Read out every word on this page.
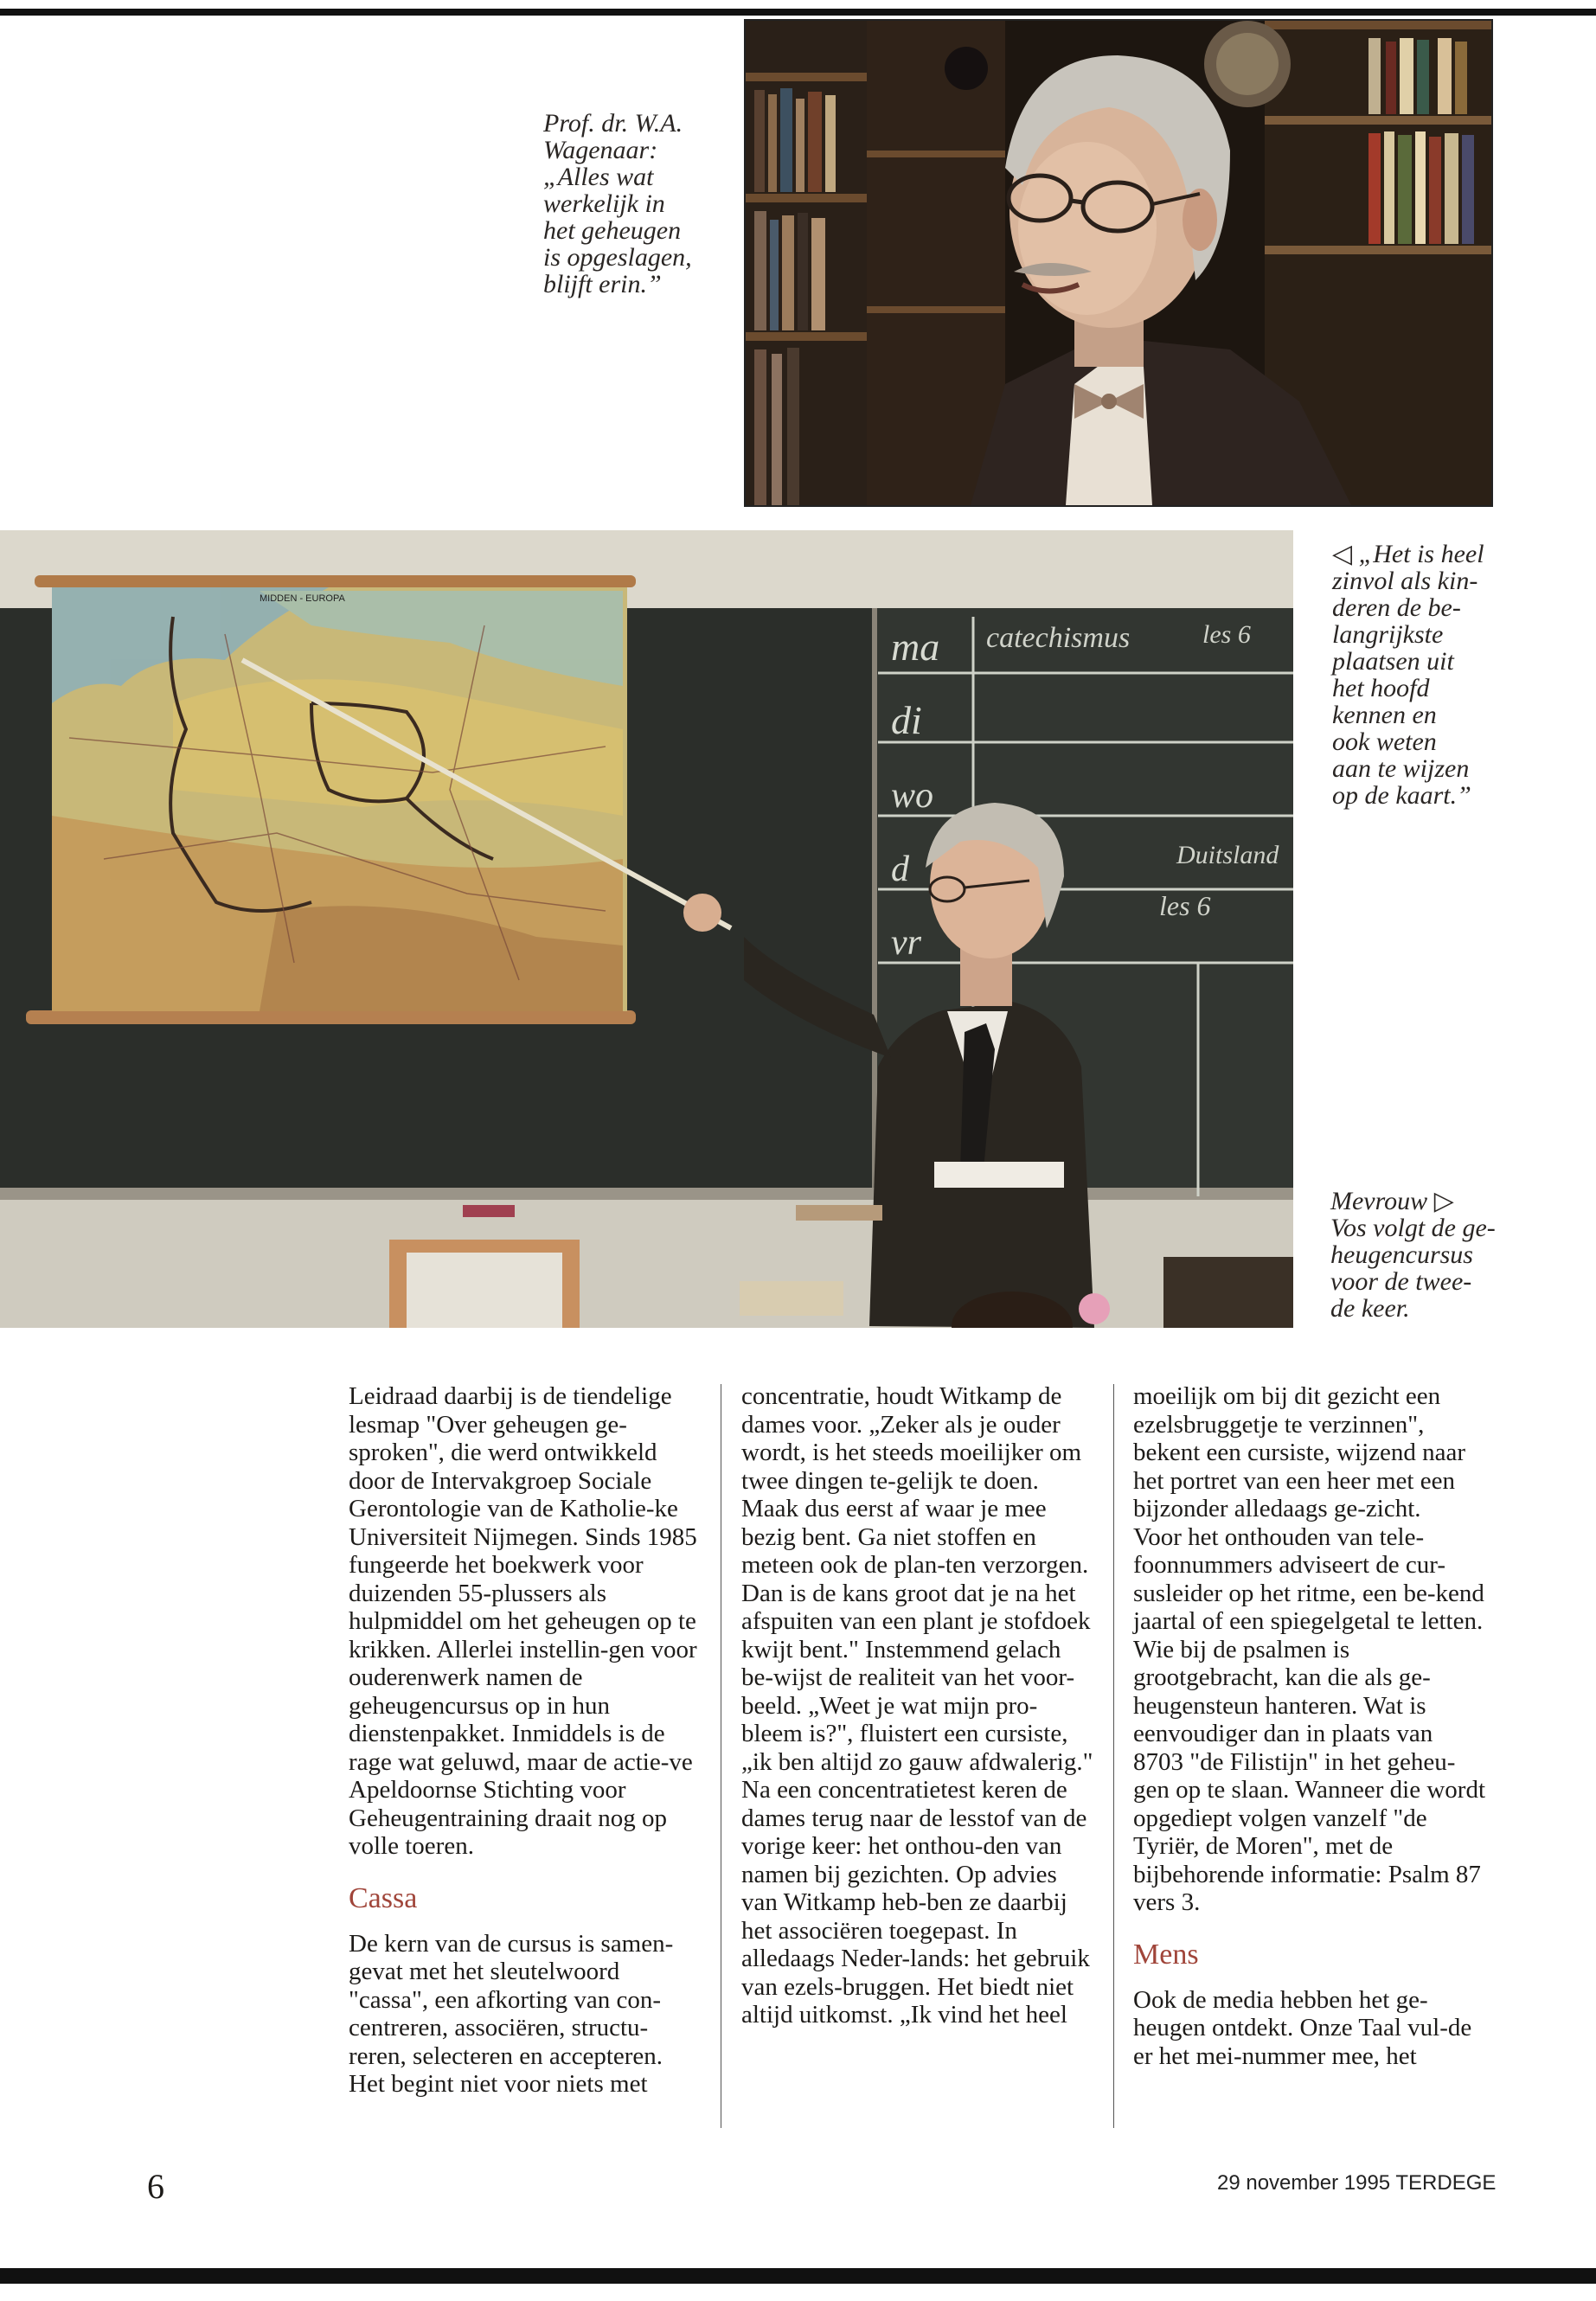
Prof. dr. W.A.
Wagenaar:
„Alles wat
werkelijk in
het geheugen
is opgeslagen,
blijft erin.”
ma
di
wo
d
vr
catechismus	les 6
Duitsland
les 6
MIDDEN - EUROPA
◁ „Het is heel
zinvol als kin-
deren de be-
langrijkste
plaatsen uit
het hoofd
kennen en
ook weten
aan te wijzen
op de kaart.”
Mevrouw ▷
Vos volgt de ge-
heugencursus
voor de twee-
de keer.

Leidraad daarbij is de tiendelige lesmap "Over geheugen ge-sproken", die werd ontwikkeld door de Intervakgroep Sociale Gerontologie van de Katholie-ke Universiteit Nijmegen. Sinds 1985 fungeerde het boekwerk voor duizenden 55-plussers als hulpmiddel om het geheugen op te krikken. Allerlei instellin-gen voor ouderenwerk namen de geheugencursus op in hun dienstenpakket. Inmiddels is de rage wat geluwd, maar de actie-ve Apeldoornse Stichting voor Geheugentraining draait nog op volle toeren.

Cassa

De kern van de cursus is samen-gevat met het sleutelwoord "cassa", een afkorting van con-centreren, associëren, structu-reren, selecteren en accepteren. Het begint niet voor niets met

concentratie, houdt Witkamp de dames voor. „Zeker als je ouder wordt, is het steeds moeilijker om twee dingen te-gelijk te doen. Maak dus eerst af waar je mee bezig bent. Ga niet stoffen en meteen ook de plan-ten verzorgen. Dan is de kans groot dat je na het afspuiten van een plant je stofdoek kwijt bent." Instemmend gelach be-wijst de realiteit van het voor-beeld. „Weet je wat mijn pro-bleem is?", fluistert een cursiste, „ik ben altijd zo gauw afdwalerig."

Na een concentratietest keren de dames terug naar de lesstof van de vorige keer: het onthou-den van namen bij gezichten. Op advies van Witkamp heb-ben ze daarbij het associëren toegepast. In alledaags Neder-lands: het gebruik van ezels-bruggen. Het biedt niet altijd uitkomst. „Ik vind het heel

moeilijk om bij dit gezicht een ezelsbruggetje te verzinnen", bekent een cursiste, wijzend naar het portret van een heer met een bijzonder alledaags ge-zicht.

Voor het onthouden van tele-foonnummers adviseert de cur-susleider op het ritme, een be-kend jaartal of een spiegelgetal te letten. Wie bij de psalmen is grootgebracht, kan die als ge-heugensteun hanteren. Wat is eenvoudiger dan in plaats van 8703 "de Filistijn" in het geheu-gen op te slaan. Wanneer die wordt opgediept volgen vanzelf "de Tyriër, de Moren", met de bijbehorende informatie: Psalm 87 vers 3.

Mens

Ook de media hebben het ge-heugen ontdekt. Onze Taal vul-de er het mei-nummer mee, het

6	29 november 1995 TERDEGE
